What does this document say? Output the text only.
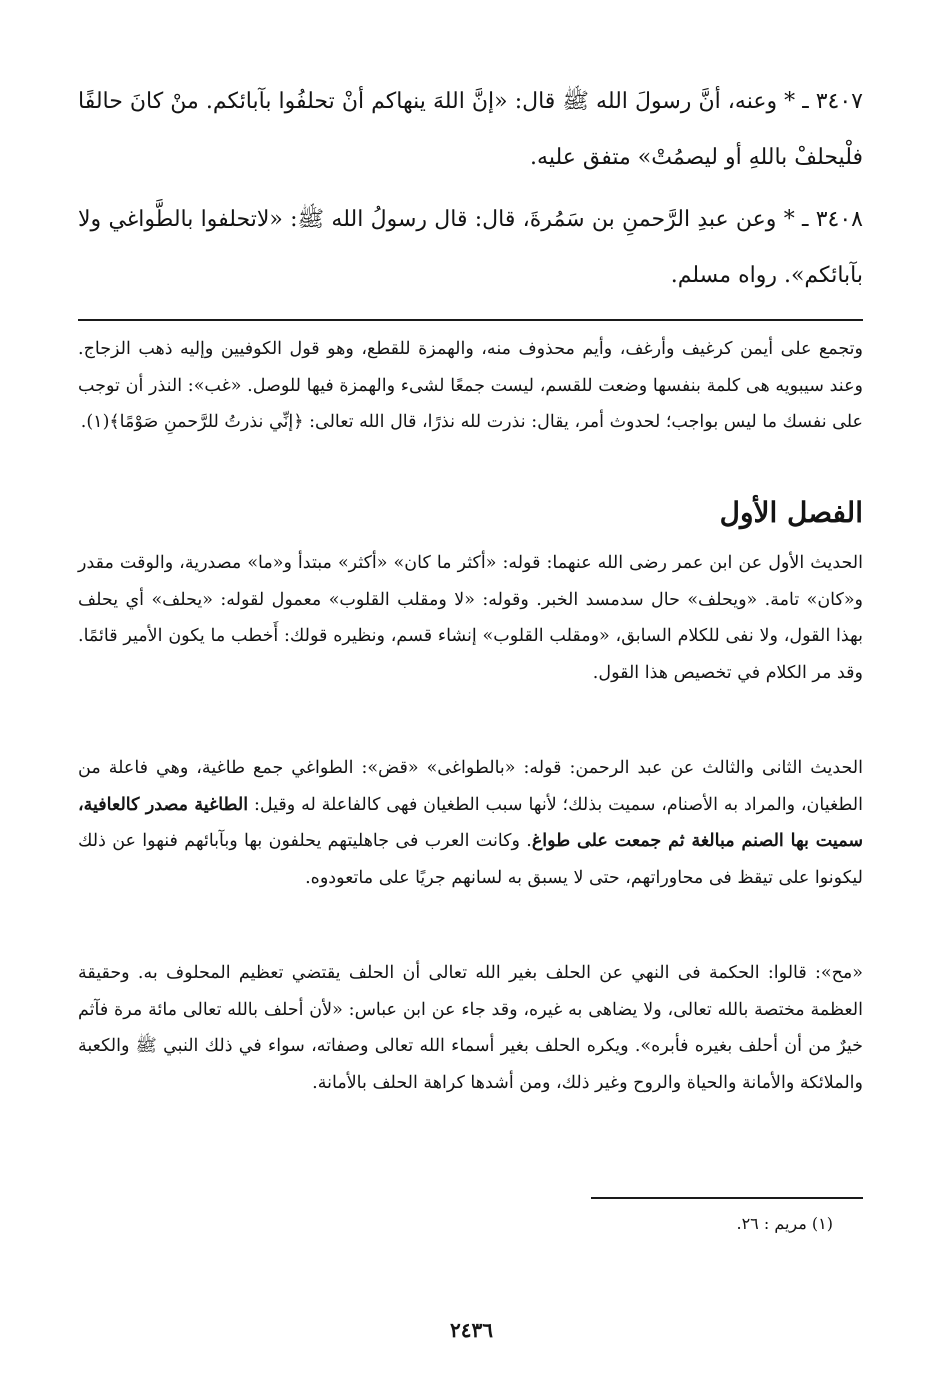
٣٤٠٧ ـ * وعنه، أنَّ رسولَ الله ﷺ قال: «إنَّ اللهَ ينهاكم أنْ تحلفُوا بآبائكم. منْ كانَ حالفًا فلْيحلفْ باللهِ أو ليصمُتْ» متفق عليه.
٣٤٠٨ ـ * وعن عبدِ الرَّحمنِ بن سَمُرةَ، قال: قال رسولُ الله ﷺ: «لاتحلفوا بالطَّواغي ولا بآبائكم». رواه مسلم.
وتجمع على أيمن كرغيف وأرغف، وأيم محذوف منه، والهمزة للقطع، وهو قول الكوفيين وإليه ذهب الزجاج. وعند سيبويه هى كلمة بنفسها وضعت للقسم، ليست جمعًا لشىء والهمزة فيها للوصل. «غب»: النذر أن توجب على نفسك ما ليس بواجب؛ لحدوث أمر، يقال: نذرت لله نذرًا، قال الله تعالى: ﴿إنِّي نذرتُ للرَّحمنِ صَوْمًا﴾(١).
الفصل الأول
الحديث الأول عن ابن عمر رضى الله عنهما: قوله: «أكثر ما كان» «أكثر» مبتدأ و«ما» مصدرية، والوقت مقدر و«كان» تامة. «ويحلف» حال سدمسد الخبر. وقوله: «لا ومقلب القلوب» معمول لقوله: «يحلف» أي يحلف بهذا القول، ولا نفى للكلام السابق، «ومقلب القلوب» إنشاء قسم، ونظيره قولك: أَخطب ما يكون الأمير قائمًا. وقد مر الكلام في تخصيص هذا القول.
الحديث الثانى والثالث عن عبد الرحمن: قوله: «بالطواغى» «قض»: الطواغي جمع طاغية، وهي فاعلة من الطغيان، والمراد به الأصنام، سميت بذلك؛ لأنها سبب الطغيان فهى كالفاعلة له وقيل: الطاغية مصدر كالعافية، سميت بها الصنم مبالغة ثم جمعت على طواغ. وكانت العرب فى جاهليتهم يحلفون بها وبآبائهم فنهوا عن ذلك ليكونوا على تيقظ فى محاوراتهم، حتى لا يسبق به لسانهم جريًا على ماتعودوه.
«مح»: قالوا: الحكمة فى النهي عن الحلف بغير الله تعالى أن الحلف يقتضي تعظيم المحلوف به. وحقيقة العظمة مختصة بالله تعالى، ولا يضاهى به غيره، وقد جاء عن ابن عباس: «لأن أحلف بالله تعالى مائة مرة فآثم خيرٌ من أن أحلف بغيره فأبره». ويكره الحلف بغير أسماء الله تعالى وصفاته، سواء في ذلك النبي ﷺ والكعبة والملائكة والأمانة والحياة والروح وغير ذلك، ومن أشدها كراهة الحلف بالأمانة.
(١) مريم : ٢٦.
٢٤٣٦
